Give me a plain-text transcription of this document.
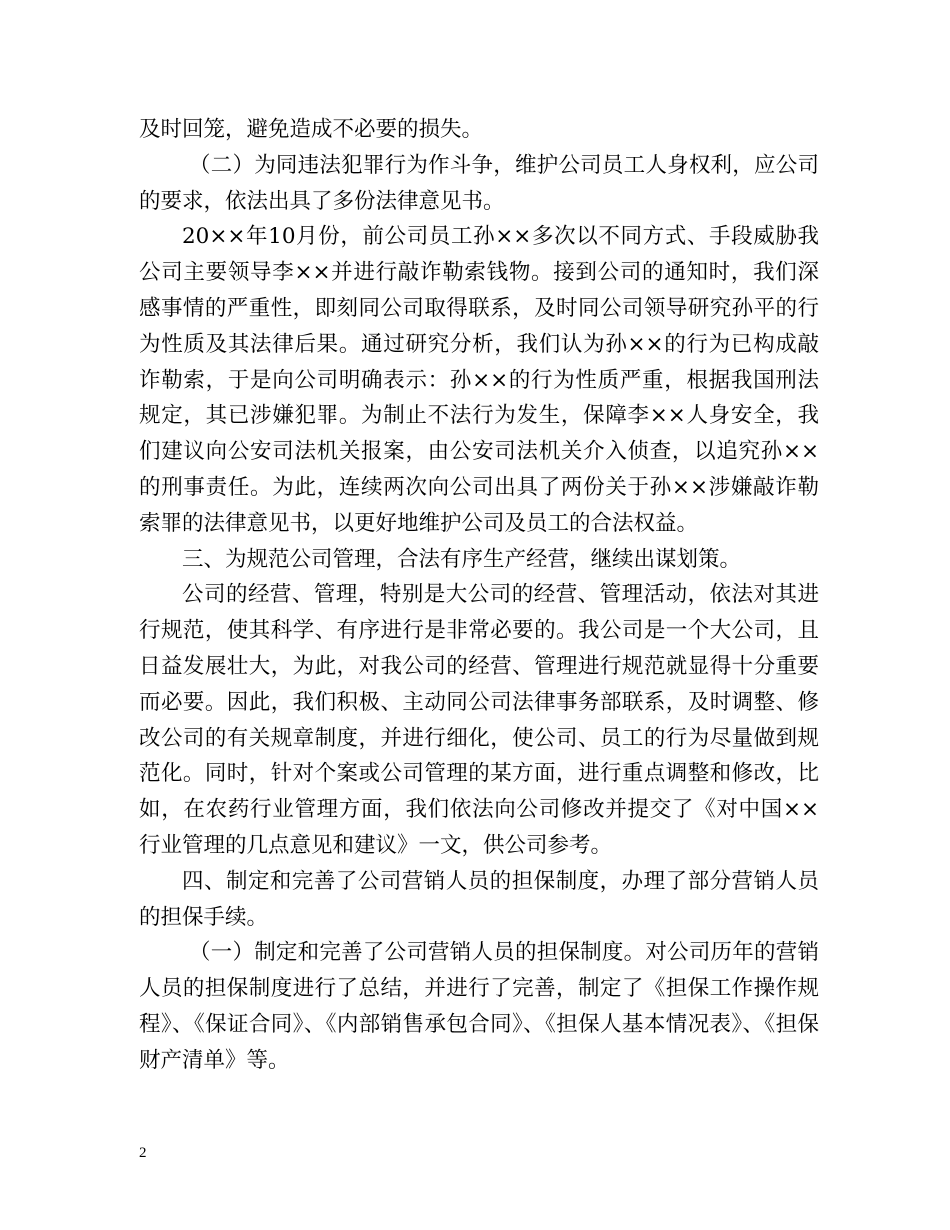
及时回笼，避免造成不必要的损失。

（二）为同违法犯罪行为作斗争，维护公司员工人身权利，应公司的要求，依法出具了多份法律意见书。

20××年10月份，前公司员工孙××多次以不同方式、手段威胁我公司主要领导李××并进行敲诈勒索钱物。接到公司的通知时，我们深感事情的严重性，即刻同公司取得联系，及时同公司领导研究孙平的行为性质及其法律后果。通过研究分析，我们认为孙××的行为已构成敲诈勒索，于是向公司明确表示：孙××的行为性质严重，根据我国刑法规定，其已涉嫌犯罪。为制止不法行为发生，保障李××人身安全，我们建议向公安司法机关报案，由公安司法机关介入侦查，以追究孙××的刑事责任。为此，连续两次向公司出具了两份关于孙××涉嫌敲诈勒索罪的法律意见书，以更好地维护公司及员工的合法权益。

三、为规范公司管理，合法有序生产经营，继续出谋划策。

公司的经营、管理，特别是大公司的经营、管理活动，依法对其进行规范，使其科学、有序进行是非常必要的。我公司是一个大公司，且日益发展壮大，为此，对我公司的经营、管理进行规范就显得十分重要而必要。因此，我们积极、主动同公司法律事务部联系，及时调整、修改公司的有关规章制度，并进行细化，使公司、员工的行为尽量做到规范化。同时，针对个案或公司管理的某方面，进行重点调整和修改，比如，在农药行业管理方面，我们依法向公司修改并提交了《对中国××行业管理的几点意见和建议》一文，供公司参考。

四、制定和完善了公司营销人员的担保制度，办理了部分营销人员的担保手续。

（一）制定和完善了公司营销人员的担保制度。对公司历年的营销人员的担保制度进行了总结，并进行了完善，制定了《担保工作操作规程》、《保证合同》、《内部销售承包合同》、《担保人基本情况表》、《担保财产清单》等。

2
